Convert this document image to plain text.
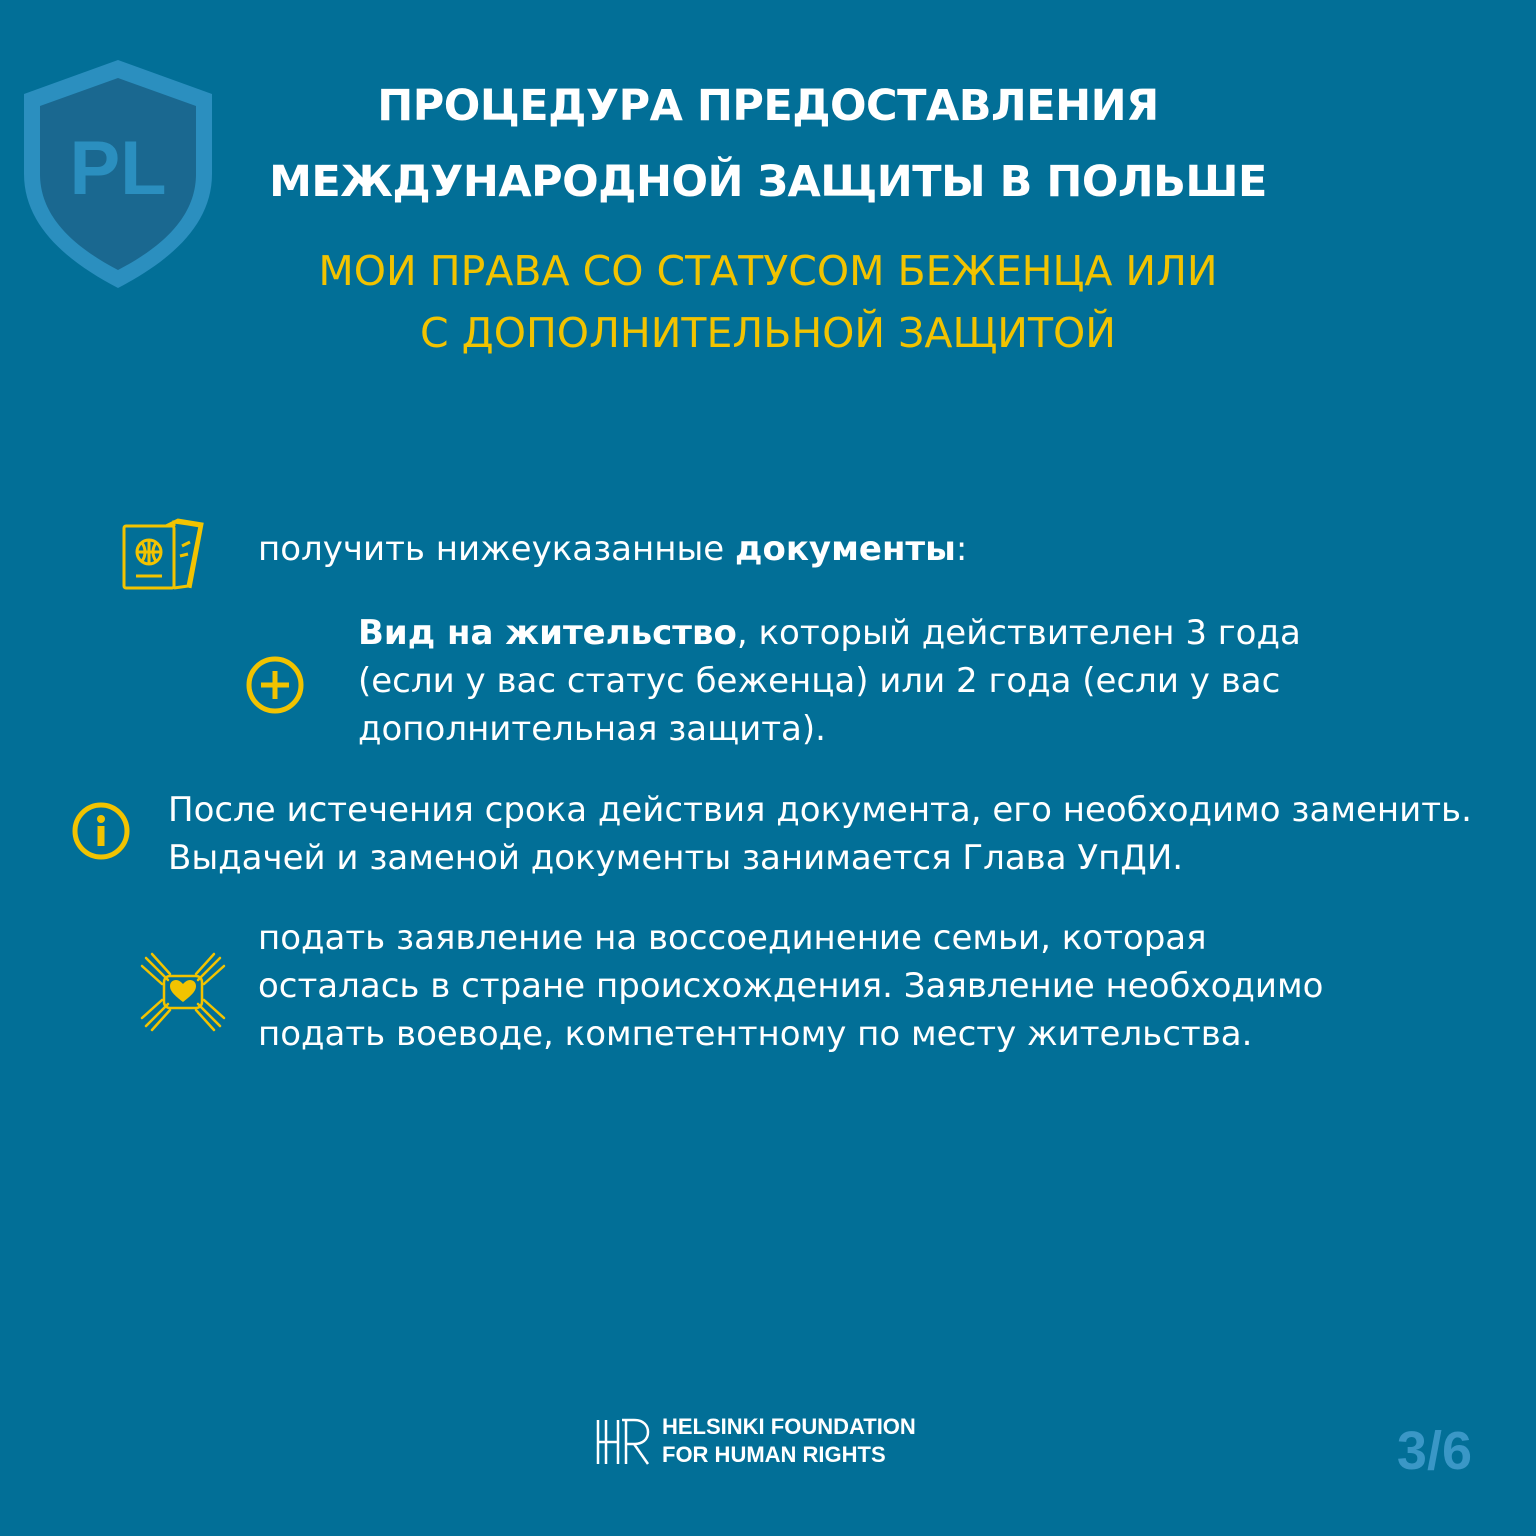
PL
ПРОЦЕДУРА ПРЕДОСТАВЛЕНИЯ
МЕЖДУНАРОДНОЙ ЗАЩИТЫ В ПОЛЬШЕ
МОИ ПРАВА СО СТАТУСОМ БЕЖЕНЦА ИЛИ
С ДОПОЛНИТЕЛЬНОЙ ЗАЩИТОЙ
получить нижеуказанные документы:
Вид на жительство, который действителен 3 года
(если у вас статус беженца) или 2 года (если у вас
дополнительная защита).
После истечения срока действия документа, его необходимо заменить.
Выдачей и заменой документы занимается Глава УпДИ.
подать заявление на воссоединение семьи, которая
осталась в стране происхождения. Заявление необходимо
подать воеводе, компетентному по месту жительства.
HELSINKI FOUNDATION
FOR HUMAN RIGHTS	3/6
